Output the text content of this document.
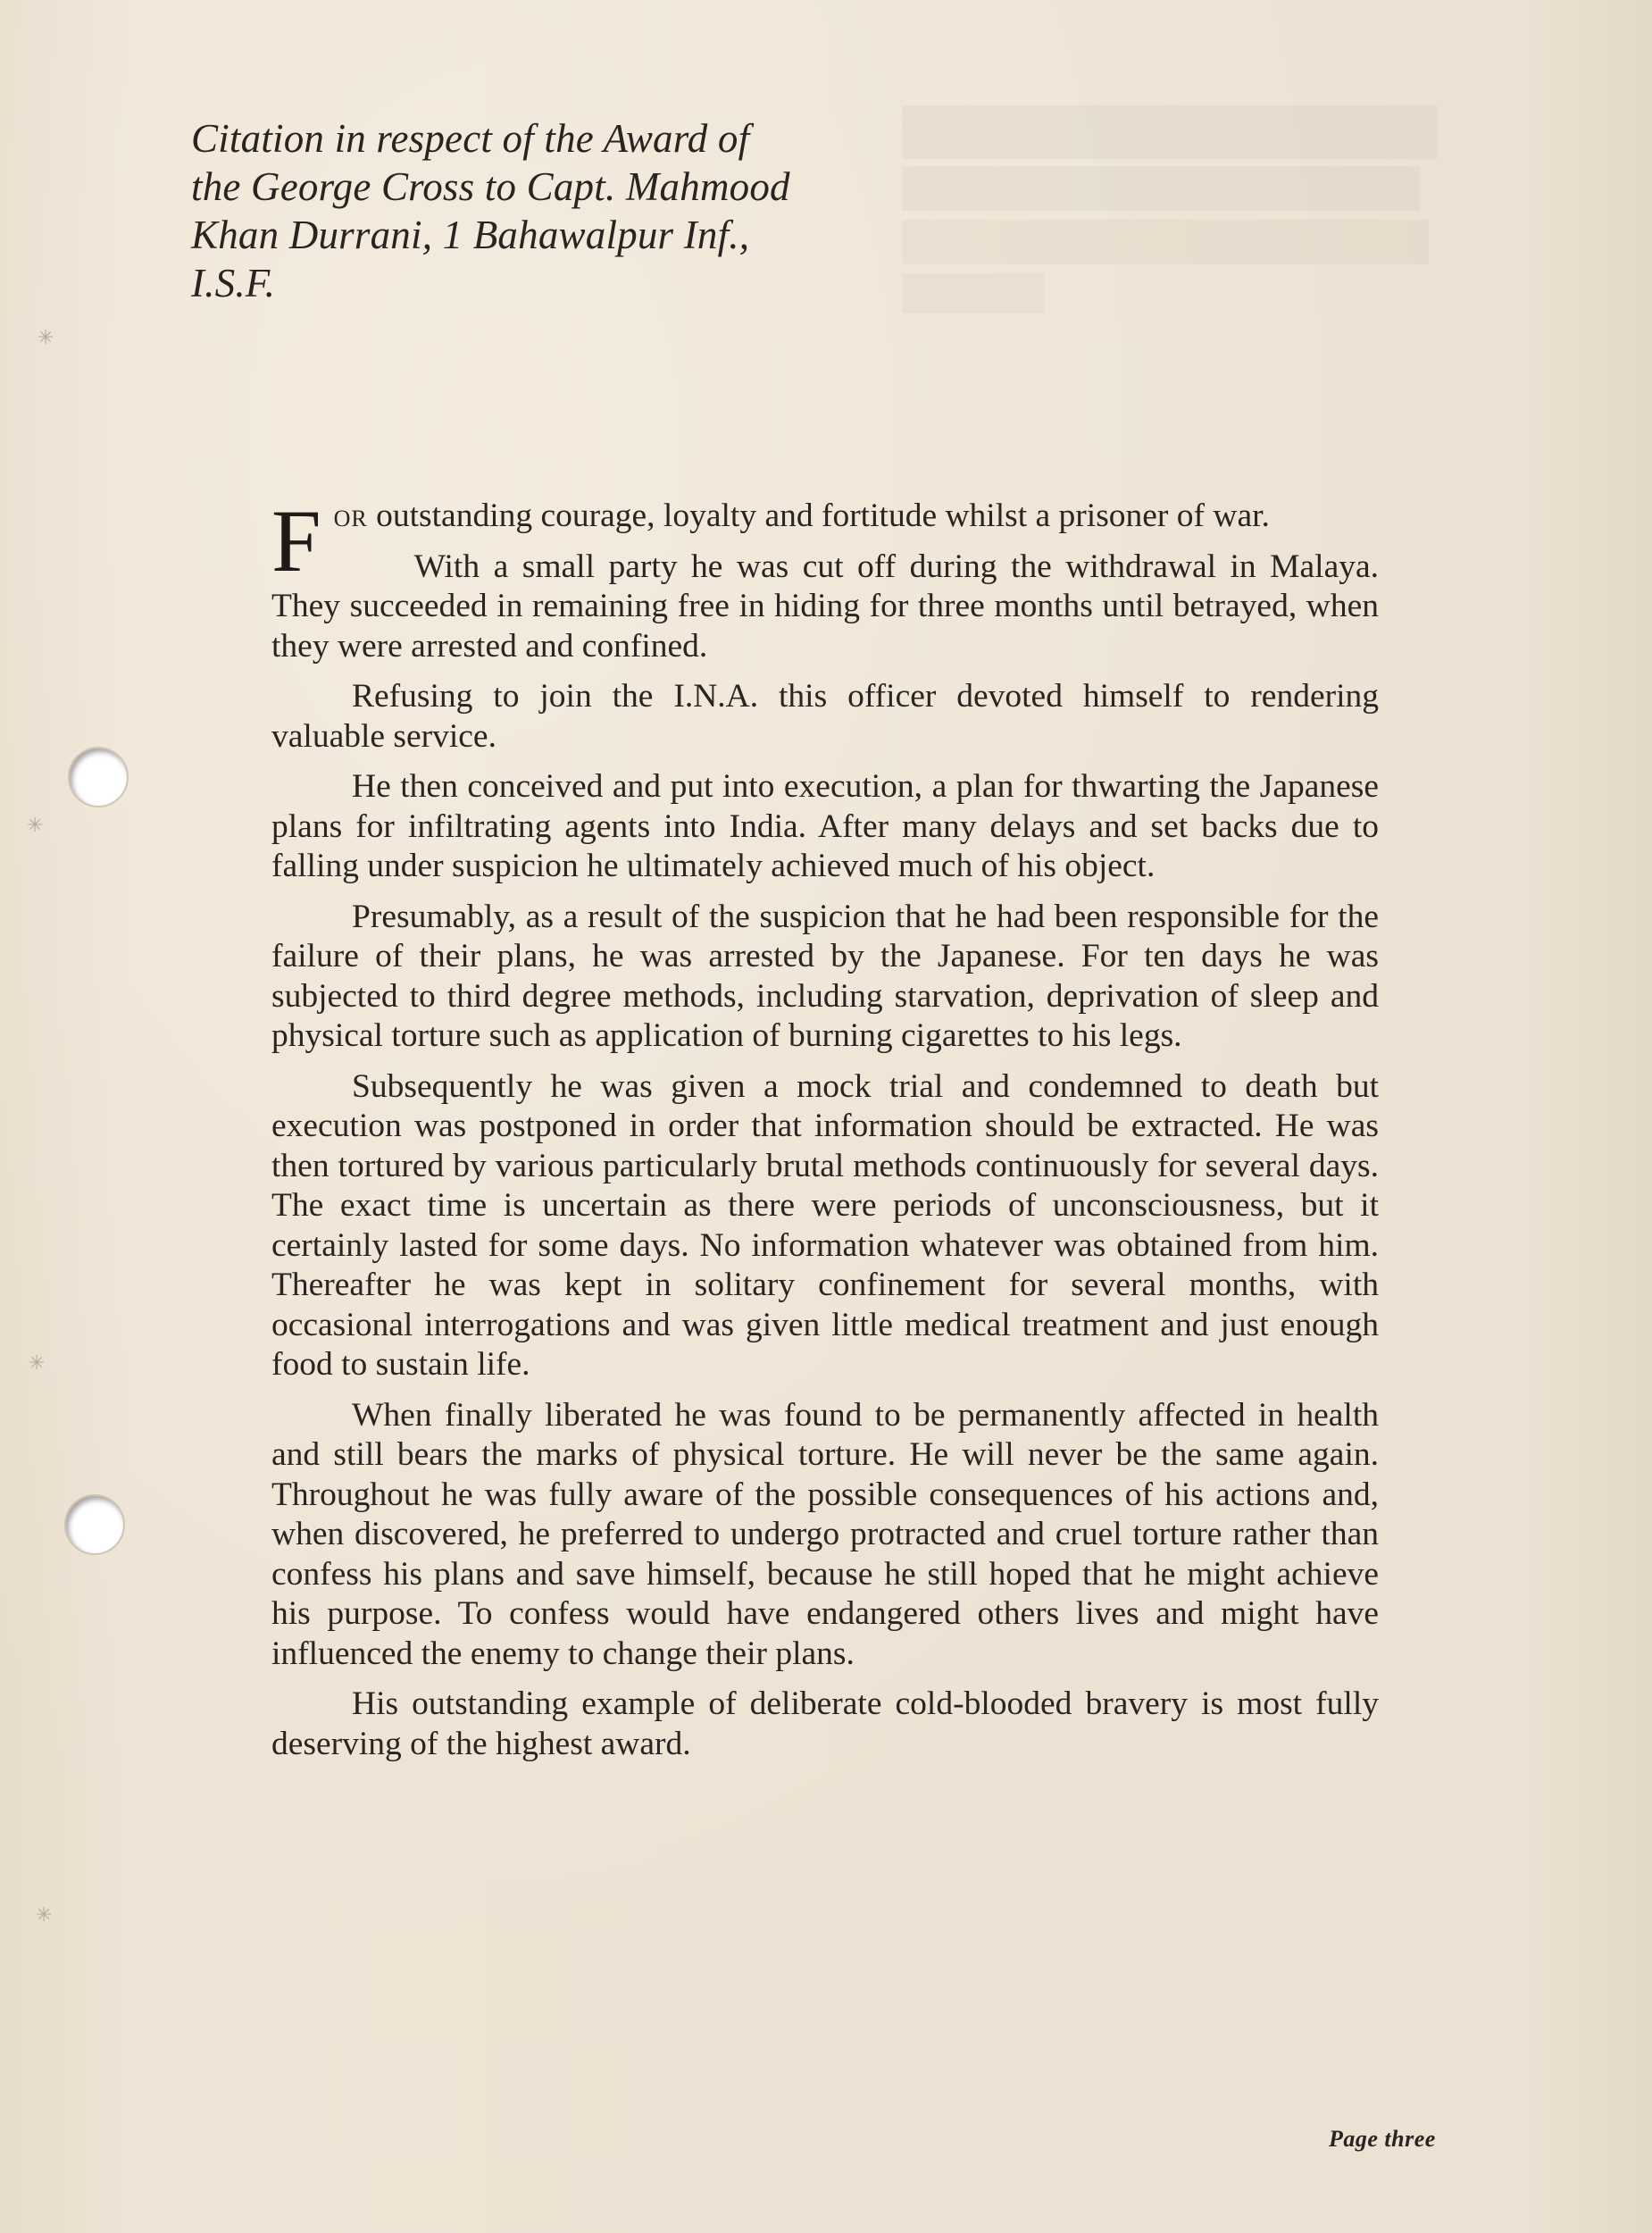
Citation in respect of the Award of
the George Cross to Capt. Mahmood
Khan Durrani, 1 Bahawalpur Inf.,
I.S.F.

For outstanding courage, loyalty and fortitude whilst a prisoner of war.

With a small party he was cut off during the withdrawal in Malaya. They succeeded in remaining free in hiding for three months until betrayed, when they were arrested and confined.

Refusing to join the I.N.A. this officer devoted himself to rendering valuable service.

He then conceived and put into execution, a plan for thwarting the Japanese plans for infiltrating agents into India. After many delays and set backs due to falling under suspicion he ultimately achieved much of his object.

Presumably, as a result of the suspicion that he had been responsible for the failure of their plans, he was arrested by the Japanese. For ten days he was subjected to third degree methods, including starvation, deprivation of sleep and physical torture such as application of burning cigarettes to his legs.

Subsequently he was given a mock trial and condemned to death but execution was postponed in order that information should be extracted. He was then tortured by various particularly brutal methods continuously for several days. The exact time is uncertain as there were periods of unconsciousness, but it certainly lasted for some days. No information whatever was obtained from him. Thereafter he was kept in solitary confinement for several months, with occasional interrogations and was given little medical treatment and just enough food to sustain life.

When finally liberated he was found to be permanently affected in health and still bears the marks of physical torture. He will never be the same again. Throughout he was fully aware of the possible consequences of his actions and, when discovered, he preferred to undergo protracted and cruel torture rather than confess his plans and save himself, because he still hoped that he might achieve his purpose. To confess would have endangered others lives and might have influenced the enemy to change their plans.

His outstanding example of deliberate cold-blooded bravery is most fully deserving of the highest award.

✳
✳
✳
✳
Page three
